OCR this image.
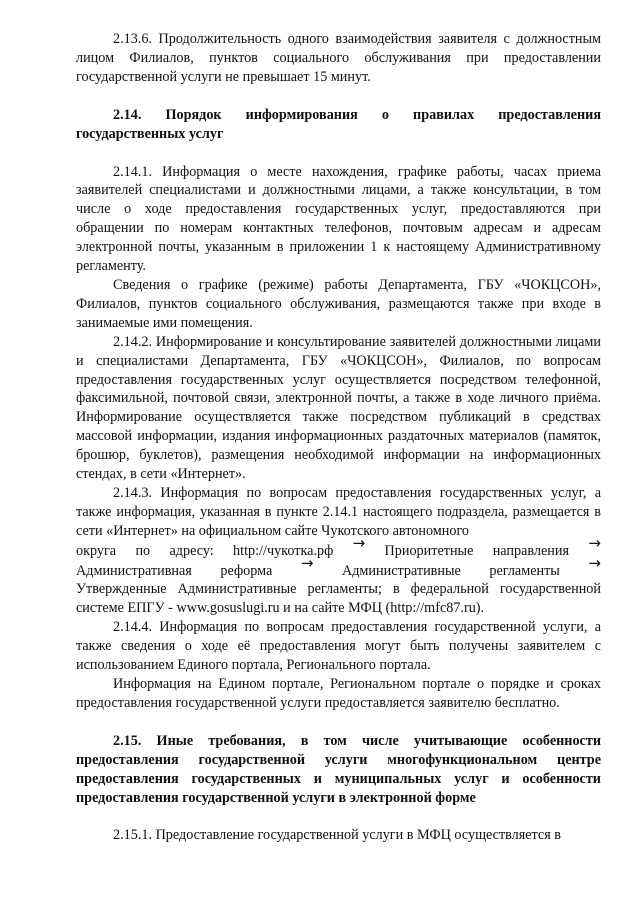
2.13.6. Продолжительность одного взаимодействия заявителя с должностным лицом Филиалов, пунктов социального обслуживания при предоставлении государственной услуги не превышает 15 минут.

2.14. Порядок информирования о правилах предоставления государственных услуг

2.14.1. Информация о месте нахождения, графике работы, часах приема заявителей специалистами и должностными лицами, а также консультации, в том числе о ходе предоставления государственных услуг, предоставляются при обращении по номерам контактных телефонов, почтовым адресам и адресам электронной почты, указанным в приложении 1 к настоящему Административному регламенту.

Сведения о графике (режиме) работы Департамента, ГБУ «ЧОКЦСОН», Филиалов, пунктов социального обслуживания, размещаются также при входе в занимаемые ими помещения.

2.14.2. Информирование и консультирование заявителей должностными лицами и специалистами Департамента, ГБУ «ЧОКЦСОН», Филиалов, по вопросам предоставления государственных услуг осуществляется посредством телефонной, факсимильной, почтовой связи, электронной почты, а также в ходе личного приёма. Информирование осуществляется также посредством публикаций в средствах массовой информации, издания информационных раздаточных материалов (памяток, брошюр, буклетов), размещения необходимой информации на информационных стендах, в сети «Интернет».

2.14.3. Информация по вопросам предоставления государственных услуг, а также информация, указанная в пункте 2.14.1 настоящего подраздела, размещается в сети «Интернет» на официальном сайте Чукотского автономного

округа по адресу: http://чукотка.рф → Приоритетные направления →
Административная реформа → Административные регламенты →

Утвержденные Административные регламенты; в федеральной государственной системе ЕПГУ - www.gosuslugi.ru и на сайте МФЦ (http://mfc87.ru).

2.14.4. Информация по вопросам предоставления государственной услуги, а также сведения о ходе её предоставления могут быть получены заявителем с использованием Единого портала, Регионального портала.

Информация на Едином портале, Региональном портале о порядке и сроках предоставления государственной услуги предоставляется заявителю бесплатно.

2.15. Иные требования, в том числе учитывающие особенности предоставления государственной услуги многофункциональном центре предоставления государственных и муниципальных услуг и особенности предоставления государственной услуги в электронной форме

2.15.1. Предоставление государственной услуги в МФЦ осуществляется в
